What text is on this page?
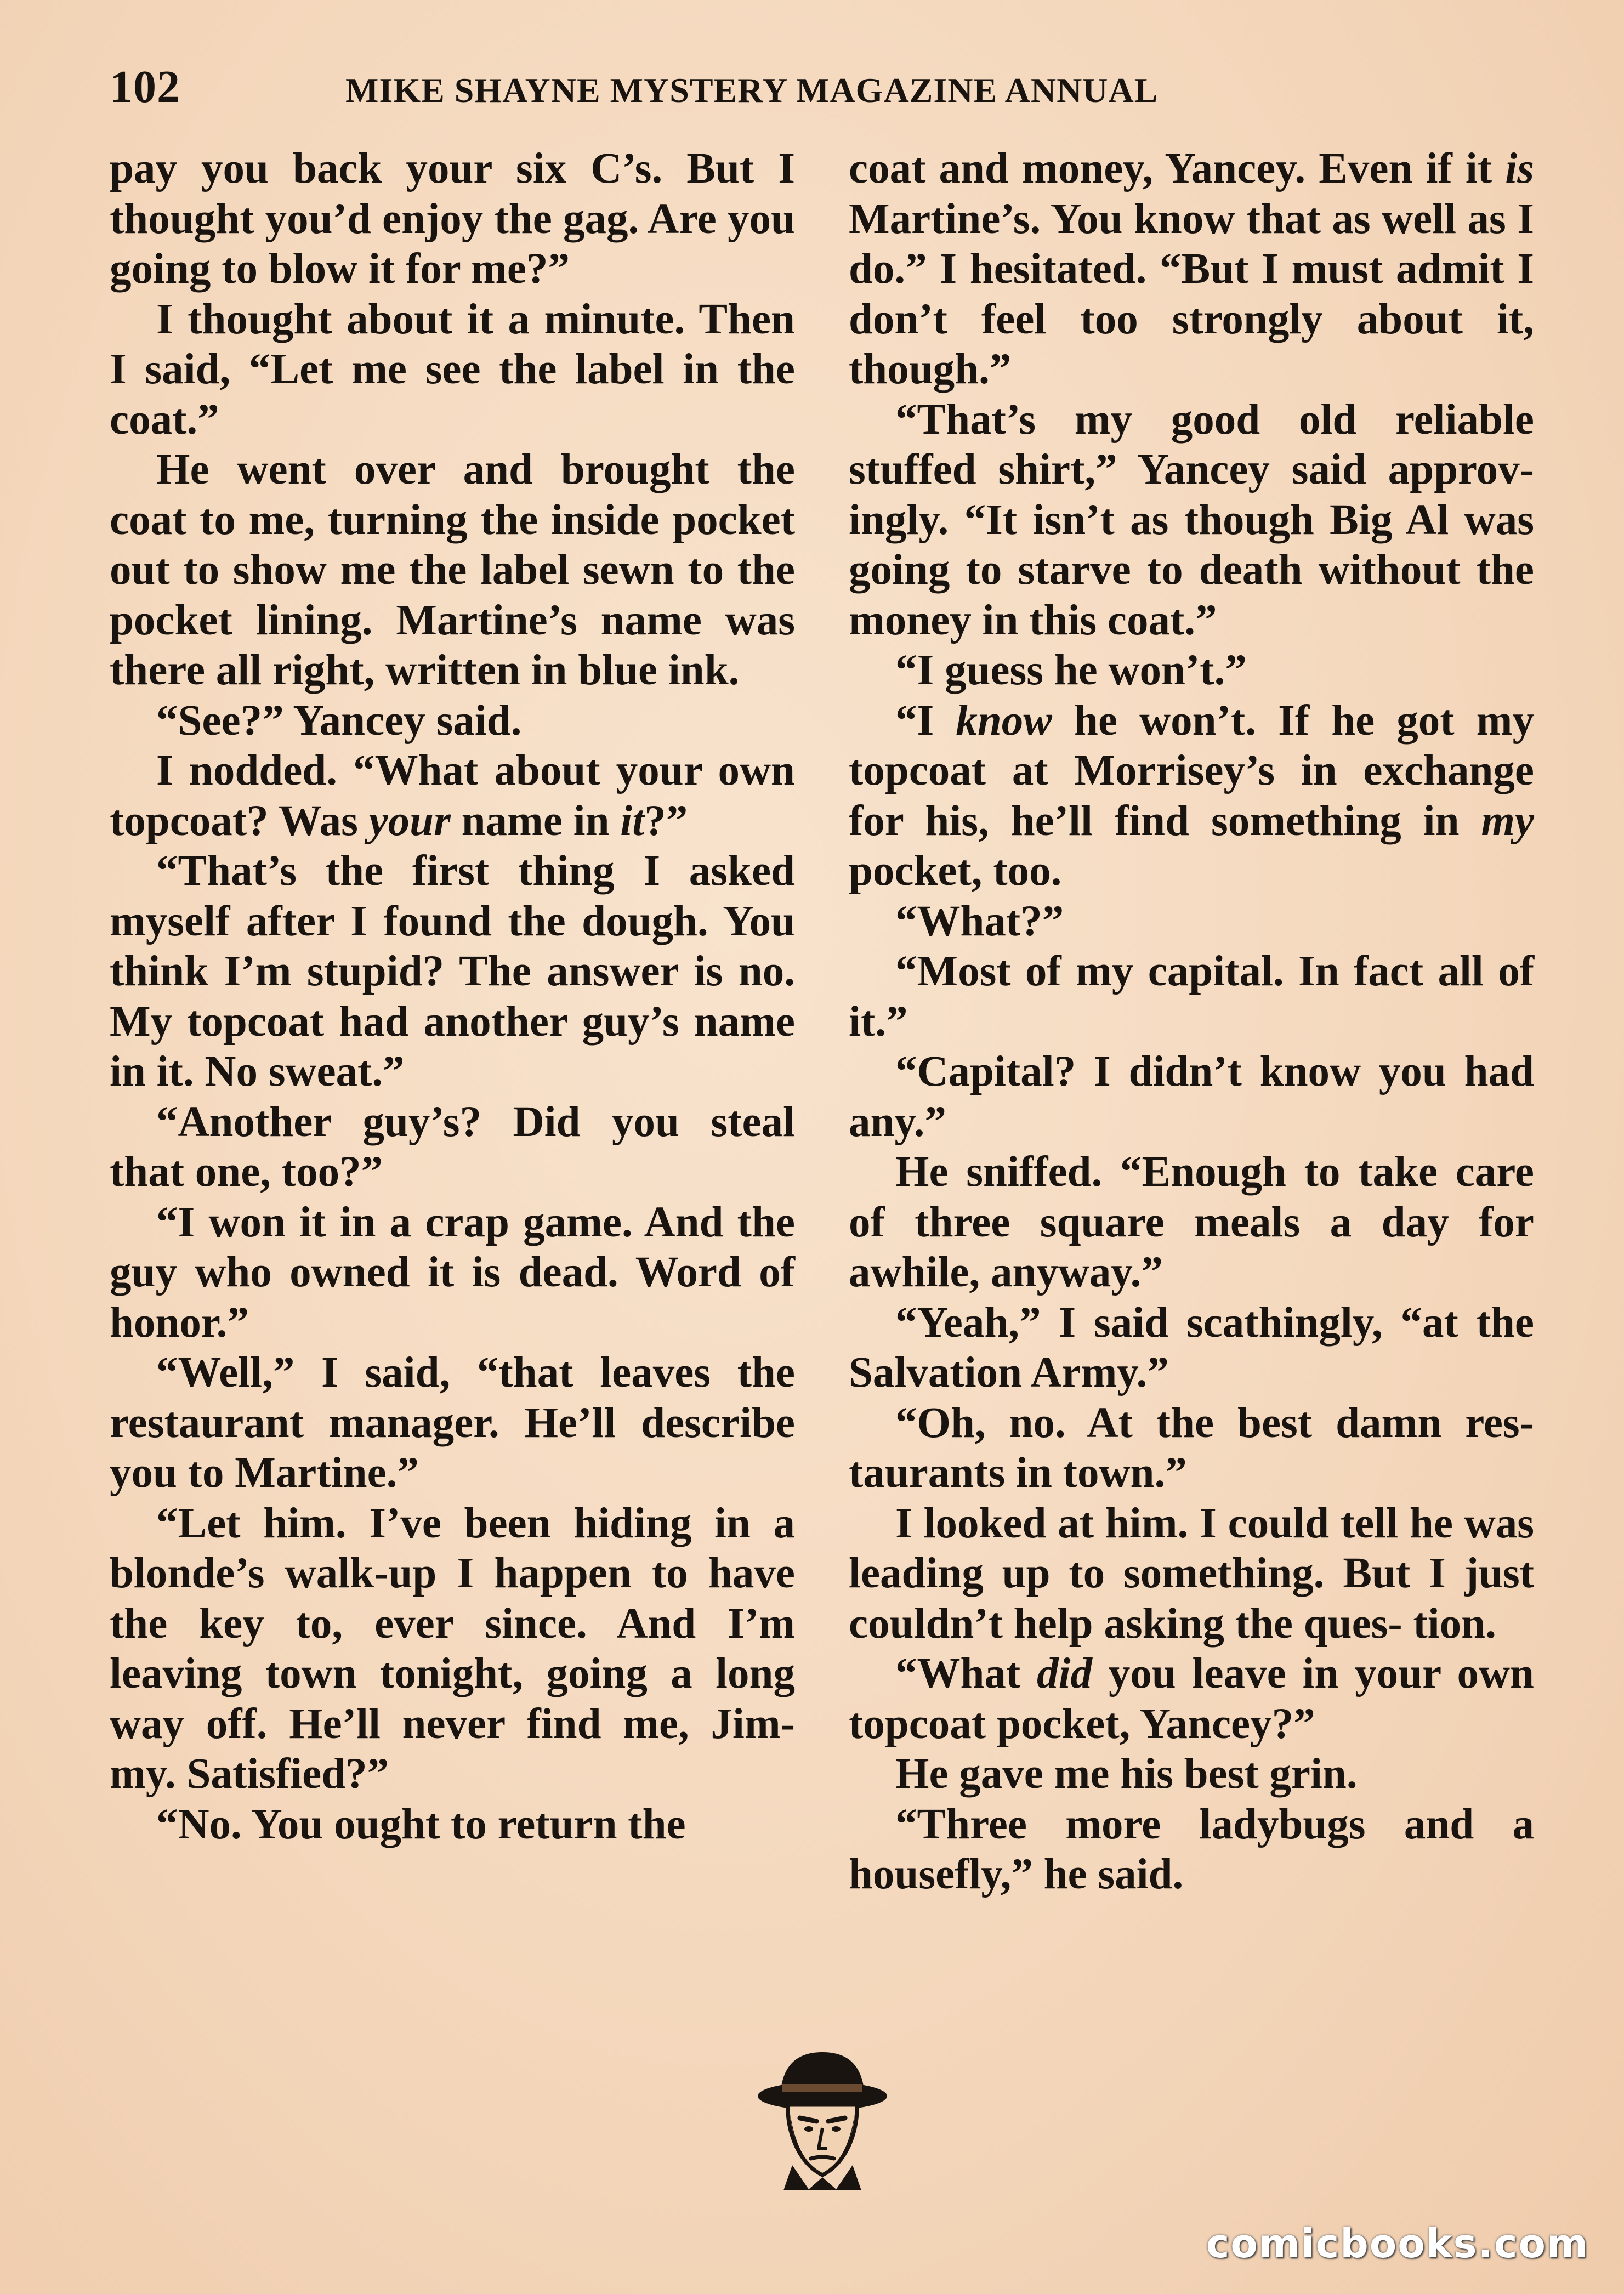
102	MIKE SHAYNE MYSTERY MAGAZINE ANNUAL

pay you back your six C’s. But I thought you’d enjoy the gag. Are you going to blow it for me?”

I thought about it a minute. Then I said, “Let me see the label in the coat.”

He went over and brought the coat to me, turning the inside pocket out to show me the label sewn to the pocket lining. Martine’s name was there all right, written in blue ink.

“See?” Yancey said.

I nodded. “What about your own topcoat? Was your name in it?”

“That’s the first thing I asked myself after I found the dough. You think I’m stupid? The answer is no. My topcoat had another guy’s name in it. No sweat.”

“Another guy’s? Did you steal that one, too?”

“I won it in a crap game. And the guy who owned it is dead. Word of honor.”

“Well,” I said, “that leaves the restaurant manager. He’ll describe you to Martine.”

“Let him. I’ve been hiding in a blonde’s walk-up I happen to have the key to, ever since. And I’m leaving town tonight, going a long way off. He’ll never find me, Jim- my. Satisfied?”

“No. You ought to return the

coat and money, Yancey. Even if it is Martine’s. You know that as well as I do.” I hesitated. “But I must admit I don’t feel too strongly about it, though.”

“That’s my good old reliable stuffed shirt,” Yancey said approv- ingly. “It isn’t as though Big Al was going to starve to death without the money in this coat.”

“I guess he won’t.”

“I know he won’t. If he got my topcoat at Morrisey’s in exchange for his, he’ll find something in my pocket, too.

“What?”

“Most of my capital. In fact all of it.”

“Capital? I didn’t know you had any.”

He sniffed. “Enough to take care of three square meals a day for awhile, anyway.”

“Yeah,” I said scathingly, “at the Salvation Army.”

“Oh, no. At the best damn res- taurants in town.”

I looked at him. I could tell he was leading up to something. But I just couldn’t help asking the ques- tion.

“What did you leave in your own topcoat pocket, Yancey?”

He gave me his best grin.

“Three more ladybugs and a housefly,” he said.

comicbooks.com
